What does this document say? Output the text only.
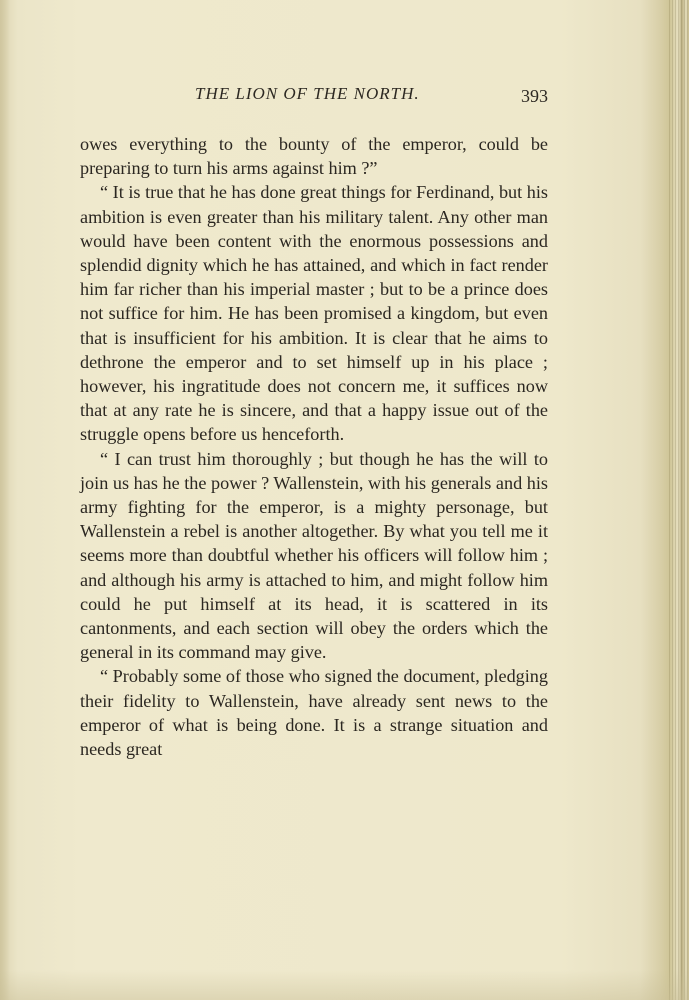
THE LION OF THE NORTH.	393

owes everything to the bounty of the emperor, could be preparing to turn his arms against him ?”

“ It is true that he has done great things for Ferdinand, but his ambition is even greater than his military talent. Any other man would have been content with the enormous possessions and splendid dignity which he has attained, and which in fact render him far richer than his imperial master ; but to be a prince does not suffice for him. He has been promised a kingdom, but even that is insufficient for his ambition. It is clear that he aims to dethrone the emperor and to set himself up in his place ; however, his ingratitude does not concern me, it suffices now that at any rate he is sincere, and that a happy issue out of the struggle opens before us henceforth.

“ I can trust him thoroughly ; but though he has the will to join us has he the power ? Wallenstein, with his generals and his army fighting for the emperor, is a mighty personage, but Wallenstein a rebel is another altogether. By what you tell me it seems more than doubtful whether his officers will follow him ; and although his army is attached to him, and might follow him could he put himself at its head, it is scattered in its cantonments, and each section will obey the orders which the general in its command may give.

“ Probably some of those who signed the document, pledging their fidelity to Wallenstein, have already sent news to the emperor of what is being done. It is a strange situation and needs great
